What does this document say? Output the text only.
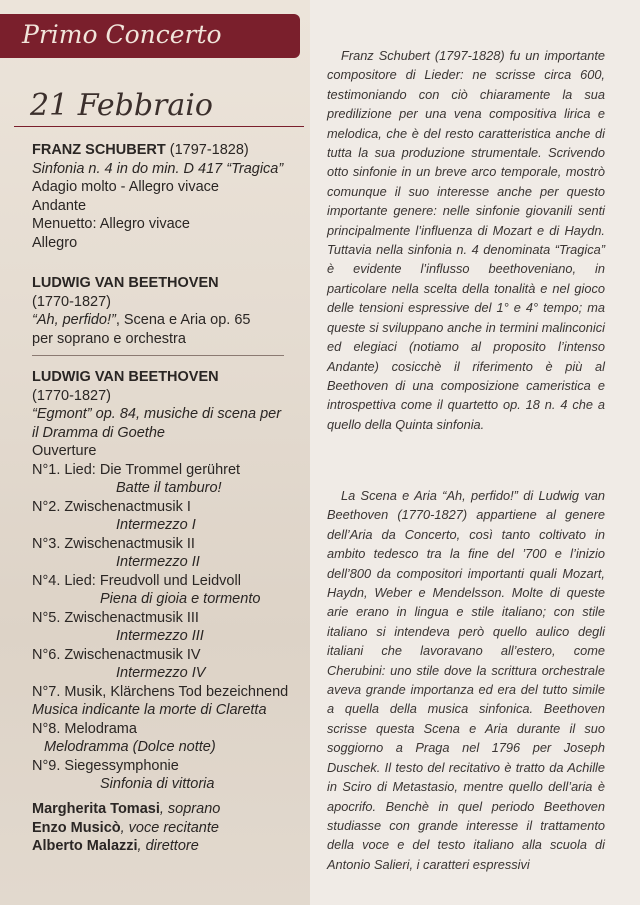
Primo Concerto
21 Febbraio
FRANZ SCHUBERT (1797-1828)
Sinfonia n. 4 in do min. D 417 “Tragica”
Adagio molto - Allegro vivace
Andante
Menuetto: Allegro vivace
Allegro
LUDWIG VAN BEETHOVEN
(1770-1827)
“Ah, perfido!”, Scena e Aria op. 65
per soprano e orchestra
LUDWIG VAN BEETHOVEN
(1770-1827)
“Egmont” op. 84, musiche di scena per
il Dramma di Goethe
Ouverture
N°1. Lied: Die Trommel gerühret
Batte il tamburo!
N°2. Zwischenactmusik I
Intermezzo I
N°3. Zwischenactmusik II
Intermezzo II
N°4. Lied: Freudvoll und Leidvoll
Piena di gioia e tormento
N°5. Zwischenactmusik III
Intermezzo III
N°6. Zwischenactmusik IV
Intermezzo IV
N°7. Musik, Klärchens Tod bezeichnend
Musica indicante la morte di Claretta
N°8. Melodrama
Melodramma (Dolce notte)
N°9. Siegessymphonie
Sinfonia di vittoria
Margherita Tomasi, soprano
Enzo Musicò, voce recitante
Alberto Malazzi, direttore

Franz Schubert (1797-1828) fu un importante compositore di Lieder: ne scrisse circa 600, testimoniando con ciò chiaramente la sua predilizione per una vena compositiva lirica e melodica, che è del resto caratteristica anche di tutta la sua produzione strumentale. Scrivendo otto sinfonie in un breve arco temporale, mostrò comunque il suo interesse anche per questo importante genere: nelle sinfonie giovanili senti principalmente l’influenza di Mozart e di Haydn. Tuttavia nella sinfonia n. 4 denominata “Tragica” è evidente l’influsso beethoveniano, in particolare nella scelta della tonalità e nel gioco delle tensioni espressive del 1° e 4° tempo; ma queste si sviluppano anche in termini malinconici ed elegiaci (notiamo al proposito l’intenso Andante) cosicchè il riferimento è più al Beethoven di una composizione cameristica e introspettiva come il quartetto op. 18 n. 4 che a quello della Quinta sinfonia.

La Scena e Aria “Ah, perfido!” di Ludwig van Beethoven (1770-1827) appartiene al genere dell’Aria da Concerto, così tanto coltivato in ambito tedesco tra la fine del ’700 e l’inizio dell’800 da compositori importanti quali Mozart, Haydn, Weber e Mendelsson. Molte di queste arie erano in lingua e stile italiano; con stile italiano si intendeva però quello aulico degli italiani che lavoravano all’estero, come Cherubini: uno stile dove la scrittura orchestrale aveva grande importanza ed era del tutto simile a quella della musica sinfonica. Beethoven scrisse questa Scena e Aria durante il suo soggiorno a Praga nel 1796 per Joseph Duschek. Il testo del recitativo è tratto da Achille in Sciro di Metastasio, mentre quello dell’aria è apocrifo. Benchè in quel periodo Beethoven studiasse con grande interesse il trattamento della voce e del testo italiano alla scuola di Antonio Salieri, i caratteri espressivi
